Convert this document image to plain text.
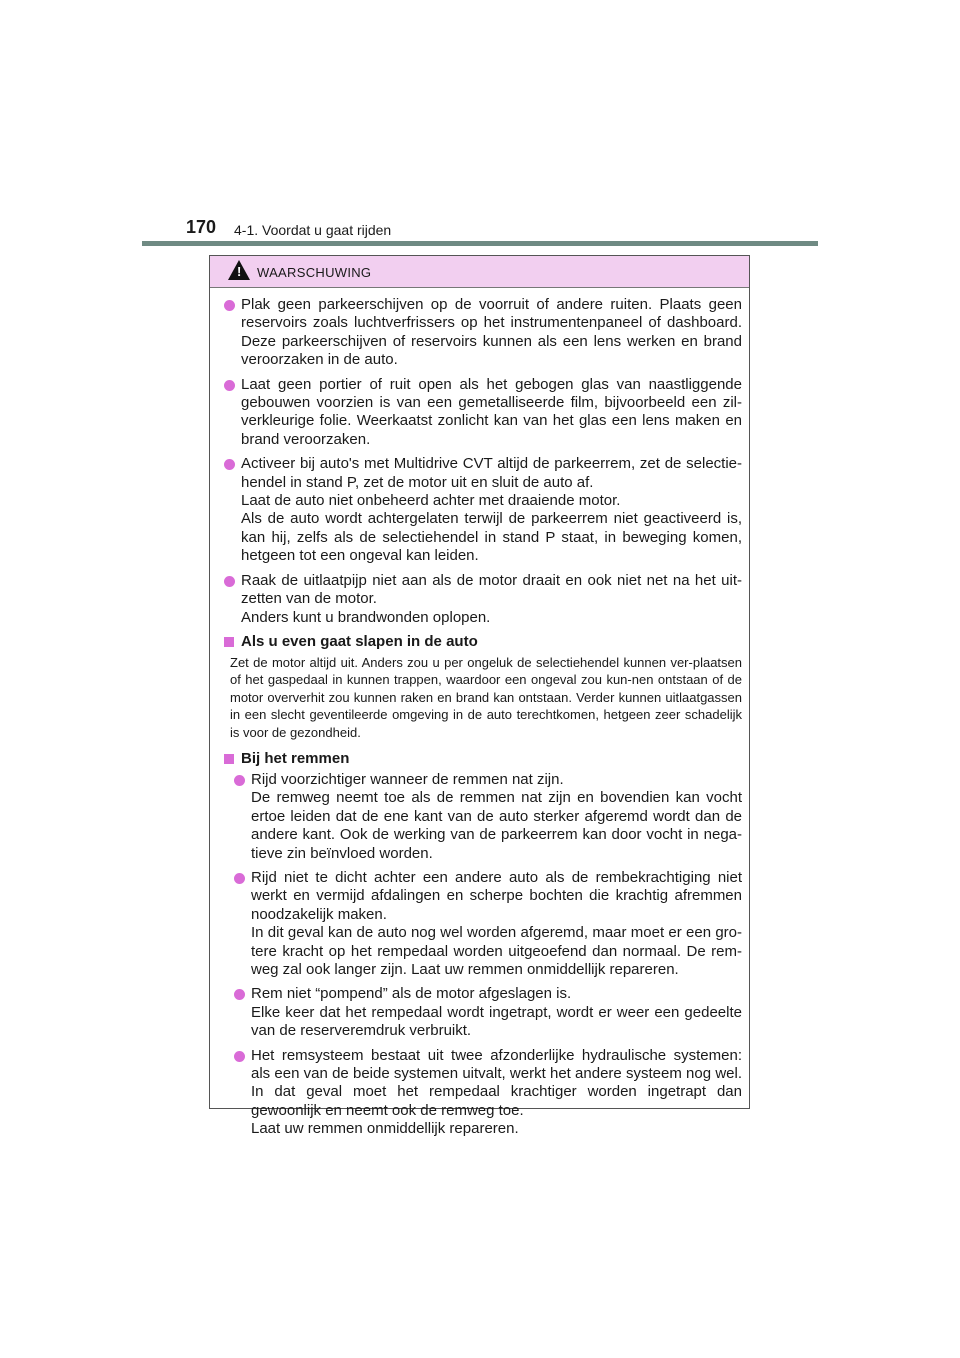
170 4-1. Voordat u gaat rijden
! WAARSCHUWING

Plak geen parkeerschijven op de voorruit of andere ruiten. Plaats geen reservoirs zoals luchtverfrissers op het instrumentenpaneel of dashboard. Deze parkeerschijven of reservoirs kunnen als een lens werken en brand veroorzaken in de auto.

Laat geen portier of ruit open als het gebogen glas van naastliggende gebouwen voorzien is van een gemetalliseerde film, bijvoorbeeld een zil-verkleurige folie. Weerkaatst zonlicht kan van het glas een lens maken en brand veroorzaken.

Activeer bij auto's met Multidrive CVT altijd de parkeerrem, zet de selectie-hendel in stand P, zet de motor uit en sluit de auto af.

Laat de auto niet onbeheerd achter met draaiende motor.

Als de auto wordt achtergelaten terwijl de parkeerrem niet geactiveerd is, kan hij, zelfs als de selectiehendel in stand P staat, in beweging komen, hetgeen tot een ongeval kan leiden.

Raak de uitlaatpijp niet aan als de motor draait en ook niet net na het uit-zetten van de motor.

Anders kunt u brandwonden oplopen.

Als u even gaat slapen in de auto

Zet de motor altijd uit. Anders zou u per ongeluk de selectiehendel kunnen ver-plaatsen of het gaspedaal in kunnen trappen, waardoor een ongeval zou kun-nen ontstaan of de motor oververhit zou kunnen raken en brand kan ontstaan. Verder kunnen uitlaatgassen in een slecht geventileerde omgeving in de auto terechtkomen, hetgeen zeer schadelijk is voor de gezondheid.

Bij het remmen

Rijd voorzichtiger wanneer de remmen nat zijn.

De remweg neemt toe als de remmen nat zijn en bovendien kan vocht ertoe leiden dat de ene kant van de auto sterker afgeremd wordt dan de andere kant. Ook de werking van de parkeerrem kan door vocht in nega-tieve zin beïnvloed worden.

Rijd niet te dicht achter een andere auto als de rembekrachtiging niet werkt en vermijd afdalingen en scherpe bochten die krachtig afremmen noodzakelijk maken.

In dit geval kan de auto nog wel worden afgeremd, maar moet er een gro-tere kracht op het rempedaal worden uitgeoefend dan normaal. De rem-weg zal ook langer zijn. Laat uw remmen onmiddellijk repareren.

Rem niet “pompend” als de motor afgeslagen is.

Elke keer dat het rempedaal wordt ingetrapt, wordt er weer een gedeelte van de reserveremdruk verbruikt.

Het remsysteem bestaat uit twee afzonderlijke hydraulische systemen: als een van de beide systemen uitvalt, werkt het andere systeem nog wel. In dat geval moet het rempedaal krachtiger worden ingetrapt dan gewoonlijk en neemt ook de remweg toe.

Laat uw remmen onmiddellijk repareren.
